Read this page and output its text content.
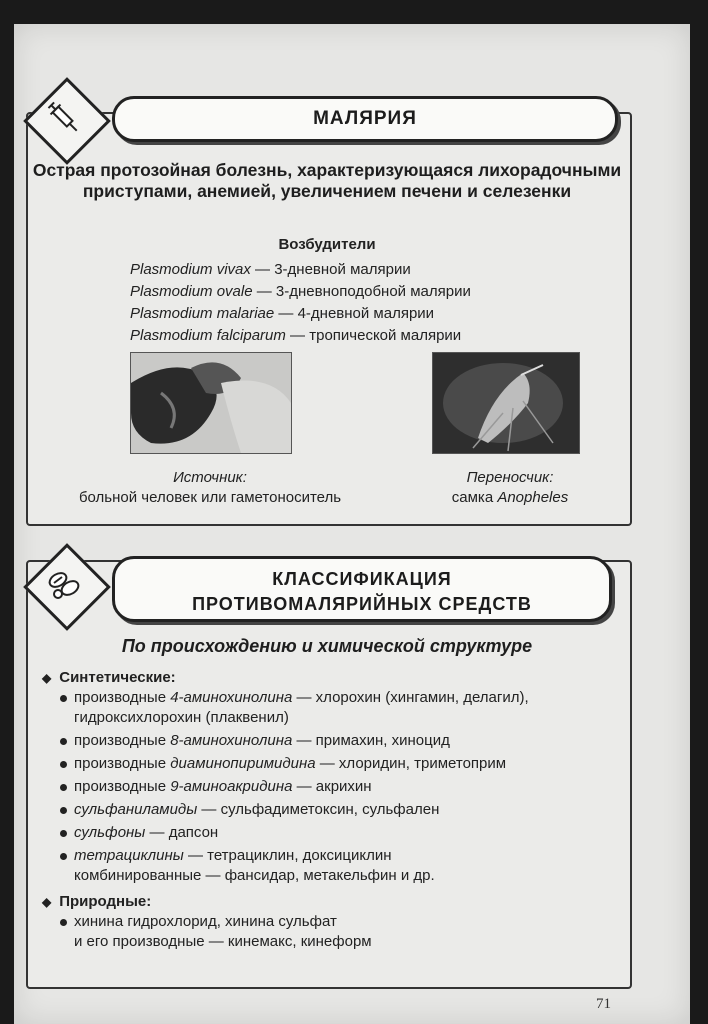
МАЛЯРИЯ
Острая протозойная болезнь, характеризующаяся лихорадочными приступами, анемией, увеличением печени и селезенки
Возбудители
Plasmodium vivax — 3-дневной малярии
Plasmodium ovale — 3-дневноподобной малярии
Plasmodium malariae — 4-дневной малярии
Plasmodium falciparum — тропической малярии
Источник:
больной человек или гаметоноситель
Переносчик:
самка Anopheles
КЛАССИФИКАЦИЯ
ПРОТИВОМАЛЯРИЙНЫХ СРЕДСТВ
По происхождению и химической структуре
◆ Синтетические:
производные 4-аминохинолина — хлорохин (хингамин, делагил), гидроксихлорохин (плаквенил)
производные 8-аминохинолина — примахин, хиноцид
производные диаминопиримидина — хлоридин, триметоприм
производные 9-аминоакридина — акрихин
сульфаниламиды — сульфадиметоксин, сульфален
сульфоны — дапсон
тетрациклины — тетрациклин, доксициклин
комбинированные — фансидар, метакельфин и др.
◆ Природные:
хинина гидрохлорид, хинина сульфат
и его производные — кинемакс, кинеформ
71
